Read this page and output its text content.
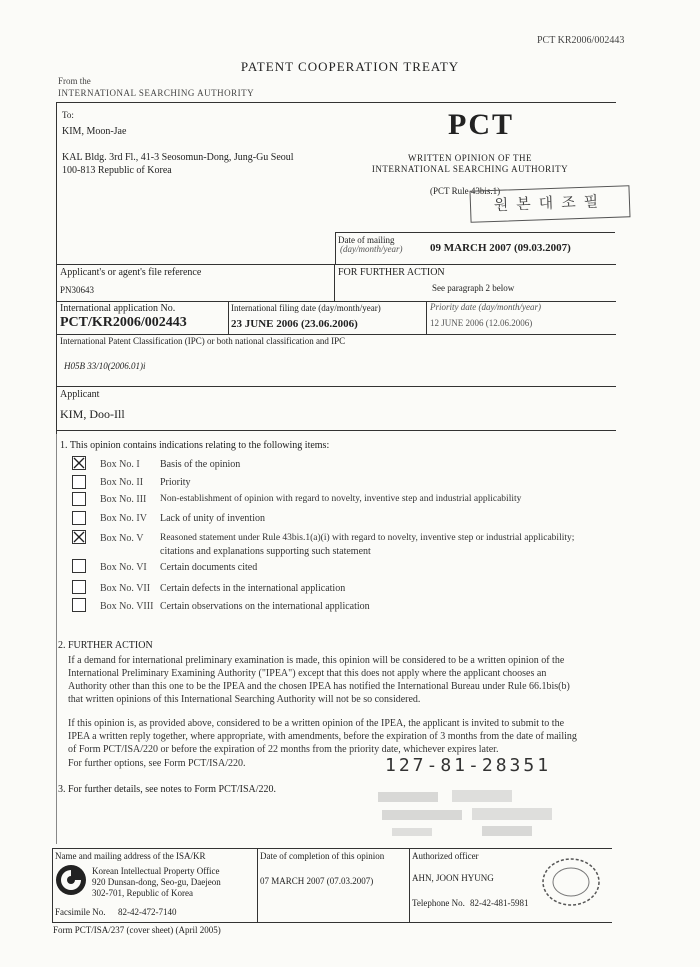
PCT KR2006/002443
PATENT COOPERATION TREATY
From the
INTERNATIONAL SEARCHING AUTHORITY
To:
KIM, Moon-Jae
KAL Bldg. 3rd Fl., 41-3 Seosomun-Dong, Jung-Gu Seoul
100-813 Republic of Korea
PCT
WRITTEN OPINION OF THE
INTERNATIONAL SEARCHING AUTHORITY
(PCT Rule 43bis.1)
원본대조필
Date of mailing
(day/month/year)	09 MARCH 2007 (09.03.2007)
Applicant's or agent's file reference
PN30643
FOR FURTHER ACTION
See paragraph 2 below
International application No.
PCT/KR2006/002443
International filing date (day/month/year)
23 JUNE 2006 (23.06.2006)
Priority date (day/month/year)
12 JUNE 2006 (12.06.2006)
International Patent Classification (IPC) or both national classification and IPC
H05B 33/10(2006.01)i
Applicant
KIM, Doo-Ill
1. This opinion contains indications relating to the following items:
Box No. I Basis of the opinion
Box No. II Priority
Box No. III Non-establishment of opinion with regard to novelty, inventive step and industrial applicability
Box No. IV Lack of unity of invention
Box No. V Reasoned statement under Rule 43bis.1(a)(i) with regard to novelty, inventive step or industrial applicability;
citations and explanations supporting such statement
Box No. VI Certain documents cited
Box No. VII Certain defects in the international application
Box No. VIII Certain observations on the international application
2. FURTHER ACTION
If a demand for international preliminary examination is made, this opinion will be considered to be a written opinion of the International Preliminary Examining Authority ("IPEA") except that this does not apply where the applicant chooses an Authority other than this one to be the IPEA and the chosen IPEA has notified the International Bureau under Rule 66.1bis(b) that written opinions of this International Searching Authority will not be so considered.
If this opinion is, as provided above, considered to be a written opinion of the IPEA, the applicant is invited to submit to the IPEA a written reply together, where appropriate, with amendments, before the expiration of 3 months from the date of mailing of Form PCT/ISA/220 or before the expiration of 22 months from the priority date, whichever expires later.
For further options, see Form PCT/ISA/220.	127-81-28351
3. For further details, see notes to Form PCT/ISA/220.
Name and mailing address of the ISA/KR
Korean Intellectual Property Office
920 Dunsan-dong, Seo-gu, Daejeon
302-701, Republic of Korea
Facsimile No. 82-42-472-7140
Date of completion of this opinion
07 MARCH 2007 (07.03.2007)
Authorized officer
AHN, JOON HYUNG
Telephone No. 82-42-481-5981
Form PCT/ISA/237 (cover sheet) (April 2005)
